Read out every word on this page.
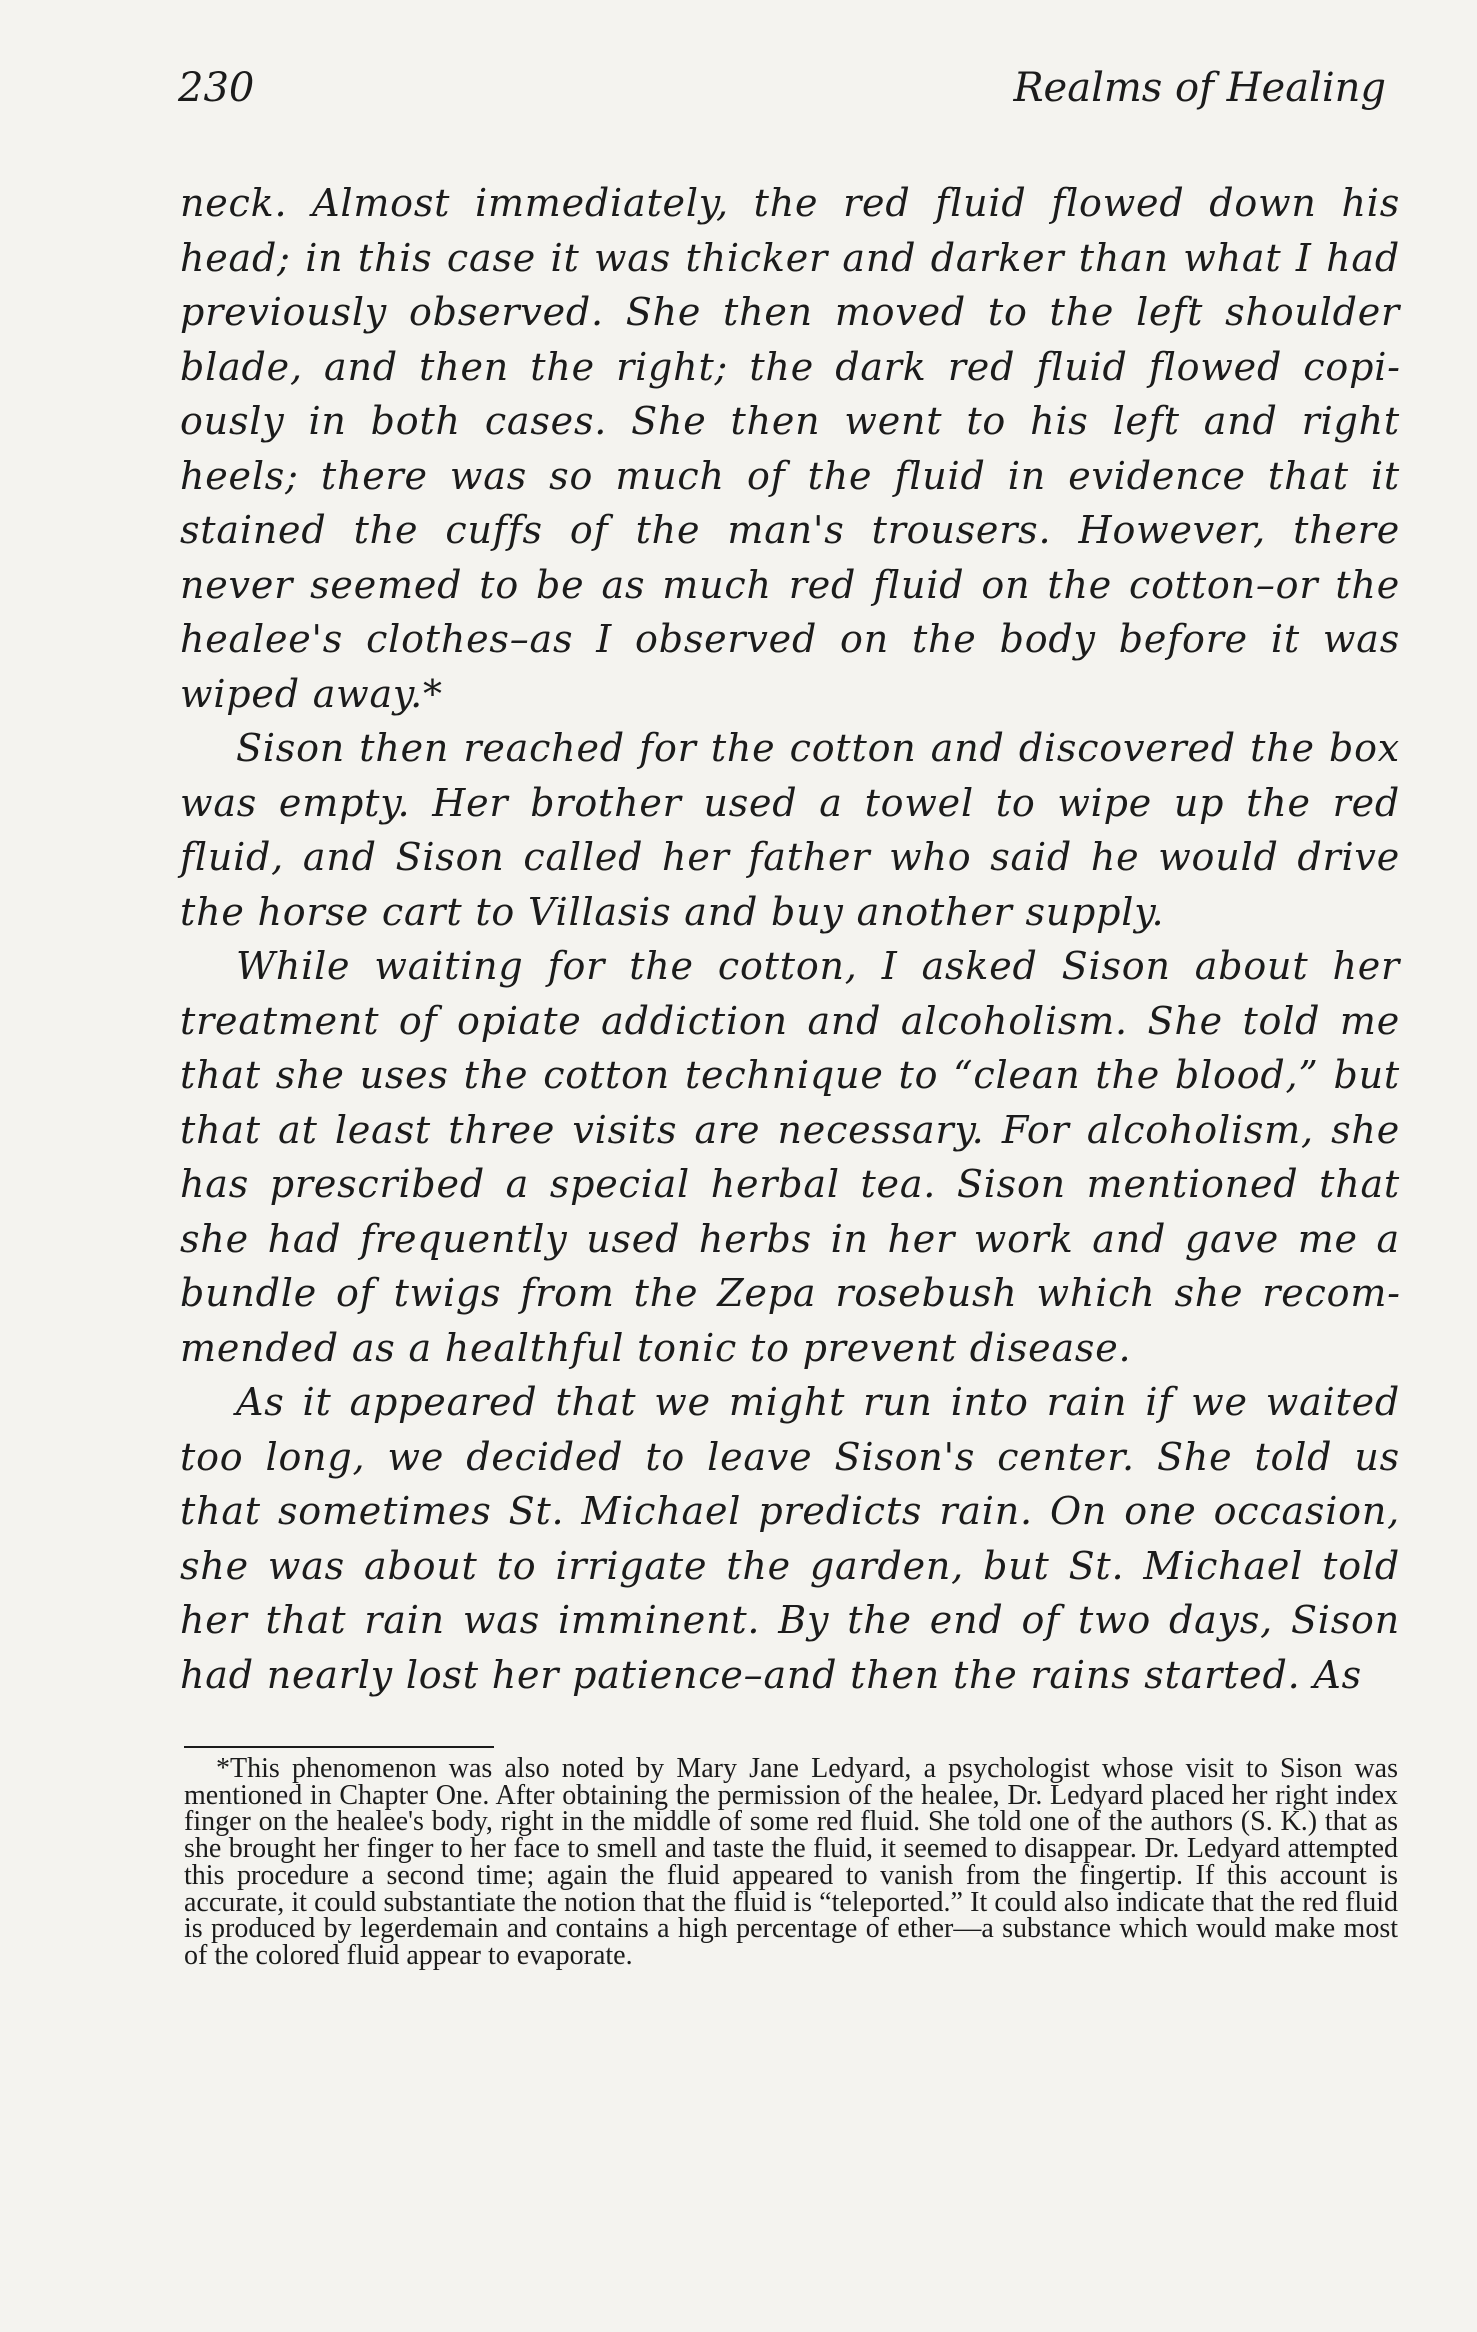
230	Realms of Healing

neck. Almost immediately, the red fluid flowed down his head; in this case it was thicker and darker than what I had previously observed. She then moved to the left shoulder blade, and then the right; the dark red fluid flowed copiously in both cases. She then went to his left and right heels; there was so much of the fluid in evidence that it stained the cuffs of the man's trousers. However, there never seemed to be as much red fluid on the cotton–or the healee's clothes–as I observed on the body before it was wiped away.*

Sison then reached for the cotton and discovered the box was empty. Her brother used a towel to wipe up the red fluid, and Sison called her father who said he would drive the horse cart to Villasis and buy another supply.

While waiting for the cotton, I asked Sison about her treatment of opiate addiction and alcoholism. She told me that she uses the cotton technique to “clean the blood,” but that at least three visits are necessary. For alcoholism, she has prescribed a special herbal tea. Sison mentioned that she had frequently used herbs in her work and gave me a bundle of twigs from the Zepa rosebush which she recommended as a healthful tonic to prevent disease.

As it appeared that we might run into rain if we waited too long, we decided to leave Sison's center. She told us that sometimes St. Michael predicts rain. On one occasion, she was about to irrigate the garden, but St. Michael told her that rain was imminent. By the end of two days, Sison had nearly lost her patience–and then the rains started. As

*This phenomenon was also noted by Mary Jane Ledyard, a psychologist whose visit to Sison was mentioned in Chapter One. After obtaining the permission of the healee, Dr. Ledyard placed her right index finger on the healee's body, right in the middle of some red fluid. She told one of the authors (S. K.) that as she brought her finger to her face to smell and taste the fluid, it seemed to disappear. Dr. Ledyard attempted this procedure a second time; again the fluid appeared to vanish from the fingertip. If this account is accurate, it could substantiate the notion that the fluid is “teleported.” It could also indicate that the red fluid is produced by legerdemain and contains a high percentage of ether—a substance which would make most of the colored fluid appear to evaporate.
